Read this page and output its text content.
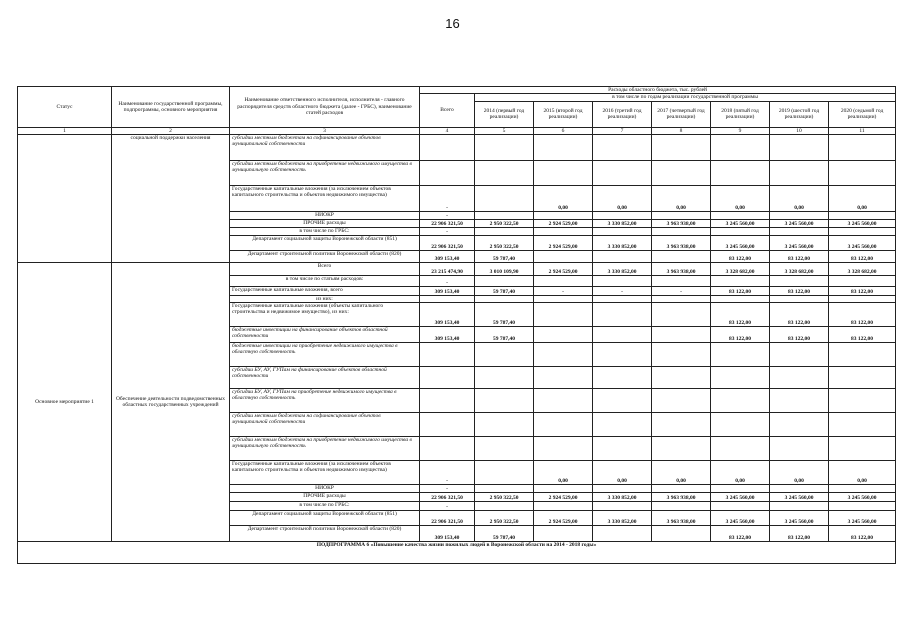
16
Статус	Наименование государственной программы, подпрограммы, основного мероприятия	Наименование ответственного исполнителя, исполнителя - главного распорядителя средств областного бюджета (далее - ГРБС), наименование статей расходов	Расходы областного бюджета, тыс. рублей							
			Всего	в том числе по годам реализации государственной программы						
				2014 (первый год реализации)	2015 (второй год реализации)	2016 (третий год реализации)	2017 (четвертый год реализации)	2018 (пятый год реализации)	2019 (шестой год реализации)	2020 (седьмой год реализации)
1	2	3	4	5	6	7	8	9	10	11
	социальной поддержки населения	субсидии местным бюджетам на софинансирование объектов муниципальной собственности								
		субсидии местным бюджетам на приобретение недвижимого имущества в муниципальную собственность								
		Государственные капитальные вложения (за исключением объектов капитального строительства и объектов недвижимого имущества)	-		0,00	0,00	0,00	0,00	0,00	0,00
		НИОКР	-							
		ПРОЧИЕ расходы	22 906 321,50	2 950 322,50	2 924 529,00	3 330 852,00	3 963 938,00	3 245 560,00	3 245 560,00	3 245 560,00
		в том числе по ГРБС:	-							
		Департамент социальной защиты Воронежской области (851)	22 906 321,50	2 950 322,50	2 924 529,00	3 330 852,00	3 963 938,00	3 245 560,00	3 245 560,00	3 245 560,00
		Департамент строительной политики Воронежской области (820)	309 153,40	59 787,40				83 122,00	83 122,00	83 122,00
Основное мероприятие 1	Обеспечение деятельности подведомственных областных государственных учреждений	Всего	23 215 474,90	3 010 109,90	2 924 529,00	3 330 852,00	3 963 938,00	3 328 682,00	3 328 682,00	3 328 682,00
		в том числе по статьям расходов:	-							
		Государственные капитальные вложения, всего	309 153,40	59 787,40	-	-	-	83 122,00	83 122,00	83 122,00
		из них:								
		Государственные капитальные вложения (объекты капитального строительства и недвижимое имущество), из них:	309 153,40	59 787,40				83 122,00	83 122,00	83 122,00
		бюджетные инвестиции на финансирование объектов областной собственности	309 153,40	59 787,40				83 122,00	83 122,00	83 122,00
		бюджетные инвестиции на приобретение недвижимого имущества в областную собственность								
		субсидии БУ, АУ, ГУПам на финансирование объектов областной собственности								
		субсидии БУ, АУ, ГУПам на приобретение недвижимого имущества в областную собственность								
		субсидии местным бюджетам на софинансирование объектов муниципальной собственности								
		субсидии местным бюджетам на приобретение недвижимого имущества в муниципальную собственность								
		Государственные капитальные вложения (за исключением объектов капитального строительства и объектов недвижимого имущества)	-		0,00	0,00	0,00	0,00	0,00	0,00
		НИОКР	-							
		ПРОЧИЕ расходы	22 906 321,50	2 950 322,50	2 924 529,00	3 330 852,00	3 963 938,00	3 245 560,00	3 245 560,00	3 245 560,00
		в том числе по ГРБС:	-							
		Департамент социальной защиты Воронежской области (851)	22 906 321,50	2 950 322,50	2 924 529,00	3 330 852,00	3 963 938,00	3 245 560,00	3 245 560,00	3 245 560,00
		Департамент строительной политики Воронежской области (820)	309 153,40	59 787,40				83 122,00	83 122,00	83 122,00
ПОДПРОГРАММА 6 «Повышение качества жизни пожилых людей в Воронежской области на 2014 - 2018 годы»										
